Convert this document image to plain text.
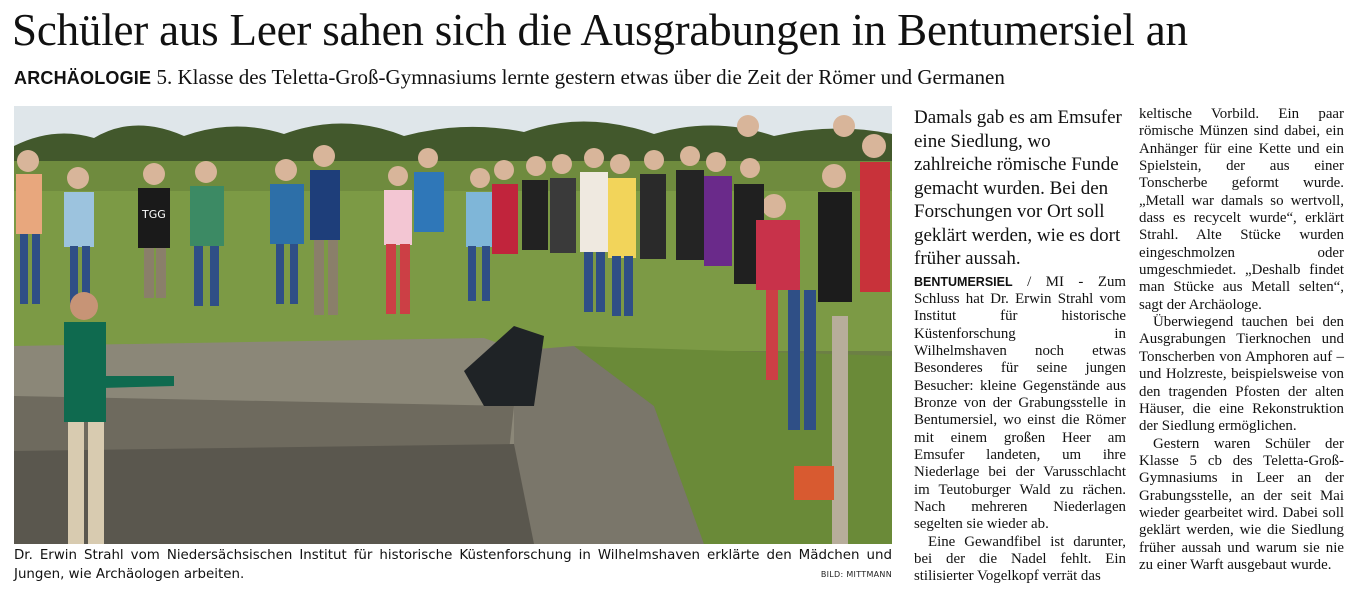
Schüler aus Leer sahen sich die Ausgrabungen in Bentumersiel an
ARCHÄOLOGIE 5. Klasse des Teletta-Groß-Gymnasiums lernte gestern etwas über die Zeit der Römer und Germanen
TGG
Dr. Erwin Strahl vom Niedersächsischen Institut für historische Küstenforschung in Wilhelmshaven erklärte den Mädchen und Jungen, wie Archäologen arbeiten.	BILD: MITTMANN
Damals gab es am Emsufer eine Siedlung, wo zahlreiche römische Funde gemacht wurden. Bei den Forschungen vor Ort soll geklärt werden, wie es dort früher aussah.

BENTUMERSIEL / MI - Zum Schluss hat Dr. Erwin Strahl vom Institut für historische Küstenforschung in Wilhelmshaven noch etwas Besonderes für seine jungen Besucher: kleine Gegenstände aus Bronze von der Grabungsstelle in Bentumersiel, wo einst die Römer mit einem großen Heer am Emsufer landeten, um ihre Niederlage bei der Varusschlacht im Teutoburger Wald zu rächen. Nach mehreren Niederlagen segelten sie wieder ab.

Eine Gewandfibel ist darunter, bei der die Nadel fehlt. Ein stilisierter Vogelkopf verrät das

keltische Vorbild. Ein paar römische Münzen sind dabei, ein Anhänger für eine Kette und ein Spielstein, der aus einer Tonscherbe geformt wurde. „Metall war damals so wertvoll, dass es recycelt wurde“, erklärt Strahl. Alte Stücke wurden eingeschmolzen oder umgeschmiedet. „Deshalb findet man Stücke aus Metall selten“, sagt der Archäologe.

Überwiegend tauchen bei den Ausgrabungen Tierknochen und Tonscherben von Amphoren auf – und Holzreste, beispielsweise von den tragenden Pfosten der alten Häuser, die eine Rekonstruktion der Siedlung ermöglichen.

Gestern waren Schüler der Klasse 5 cb des Teletta-Groß-Gymnasiums in Leer an der Grabungsstelle, an der seit Mai wieder gearbeitet wird. Dabei soll geklärt werden, wie die Siedlung früher aussah und warum sie nie zu einer Warft ausgebaut wurde.
